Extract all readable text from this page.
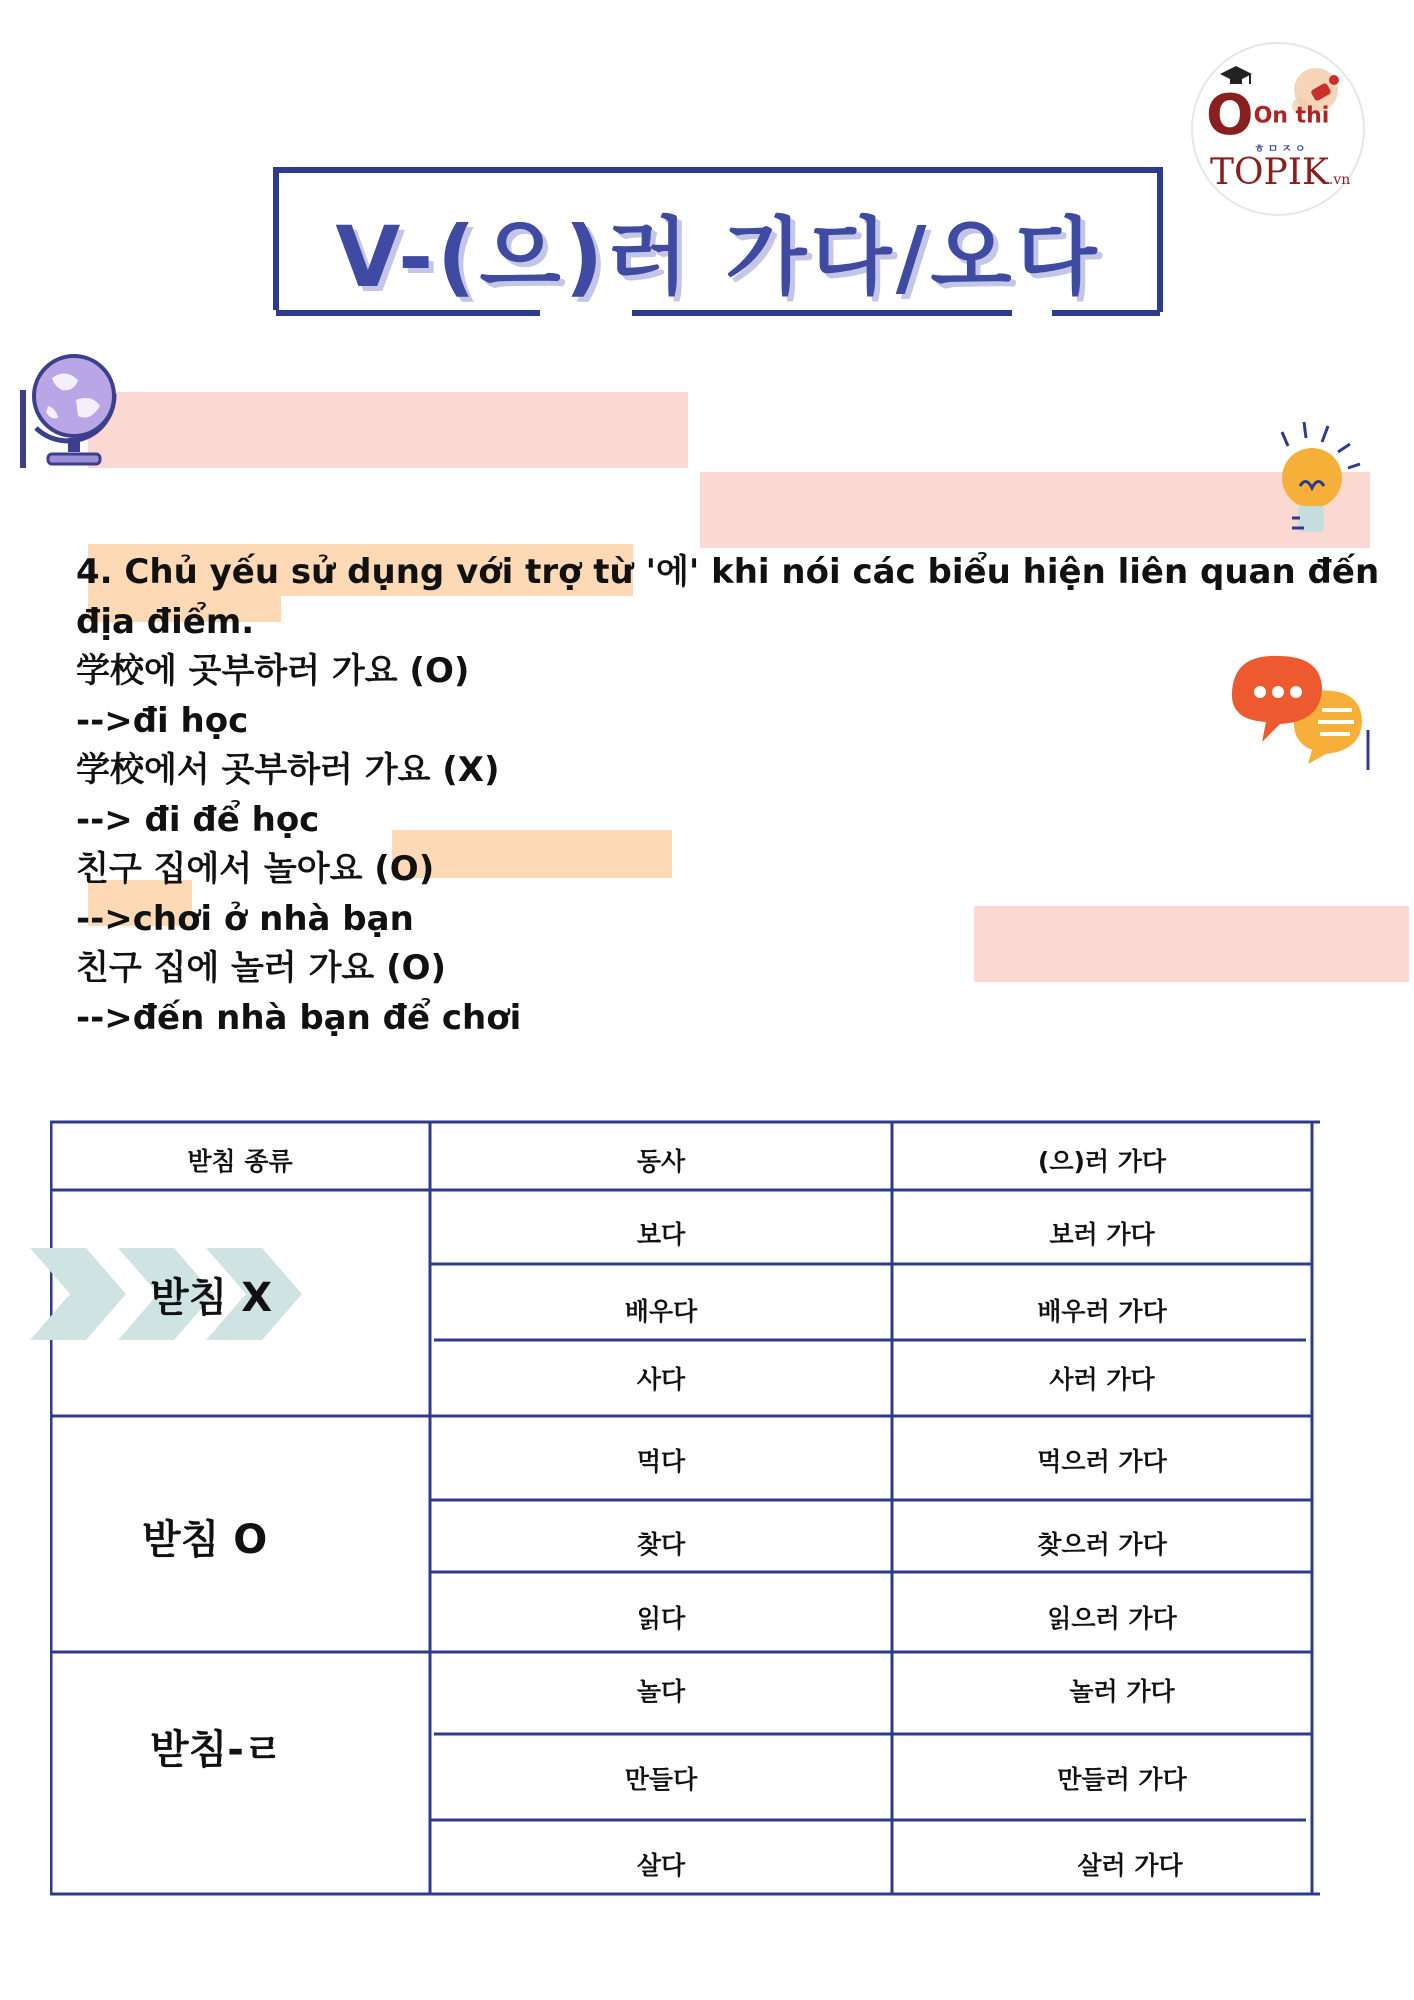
OOn thi
ㅎㅁㅈㅇ
TOPIK.vn
V-(으)러 가다/오다
4. Chủ yếu sử dụng với trợ từ '에' khi nói các biểu hiện liên quan đến
địa điểm.
学校에 곳부하러 가요 (O)
-->đi học
学校에서 곳부하러 가요 (X)
--> đi để học
친구 집에서 놀아요 (O)
-->chơi ở nhà bạn
친구 집에 놀러 가요 (O)
-->đến nhà bạn để chơi
받침 종류	동사	(으)러 가다
받침 X
보다	보러 가다
배우다	배우러 가다
사다	사러 가다
받침 O
먹다	먹으러 가다
찾다	찾으러 가다
읽다	읽으러 가다
받침-ㄹ
놀다	놀러 가다
만들다	만들러 가다
살다	살러 가다
